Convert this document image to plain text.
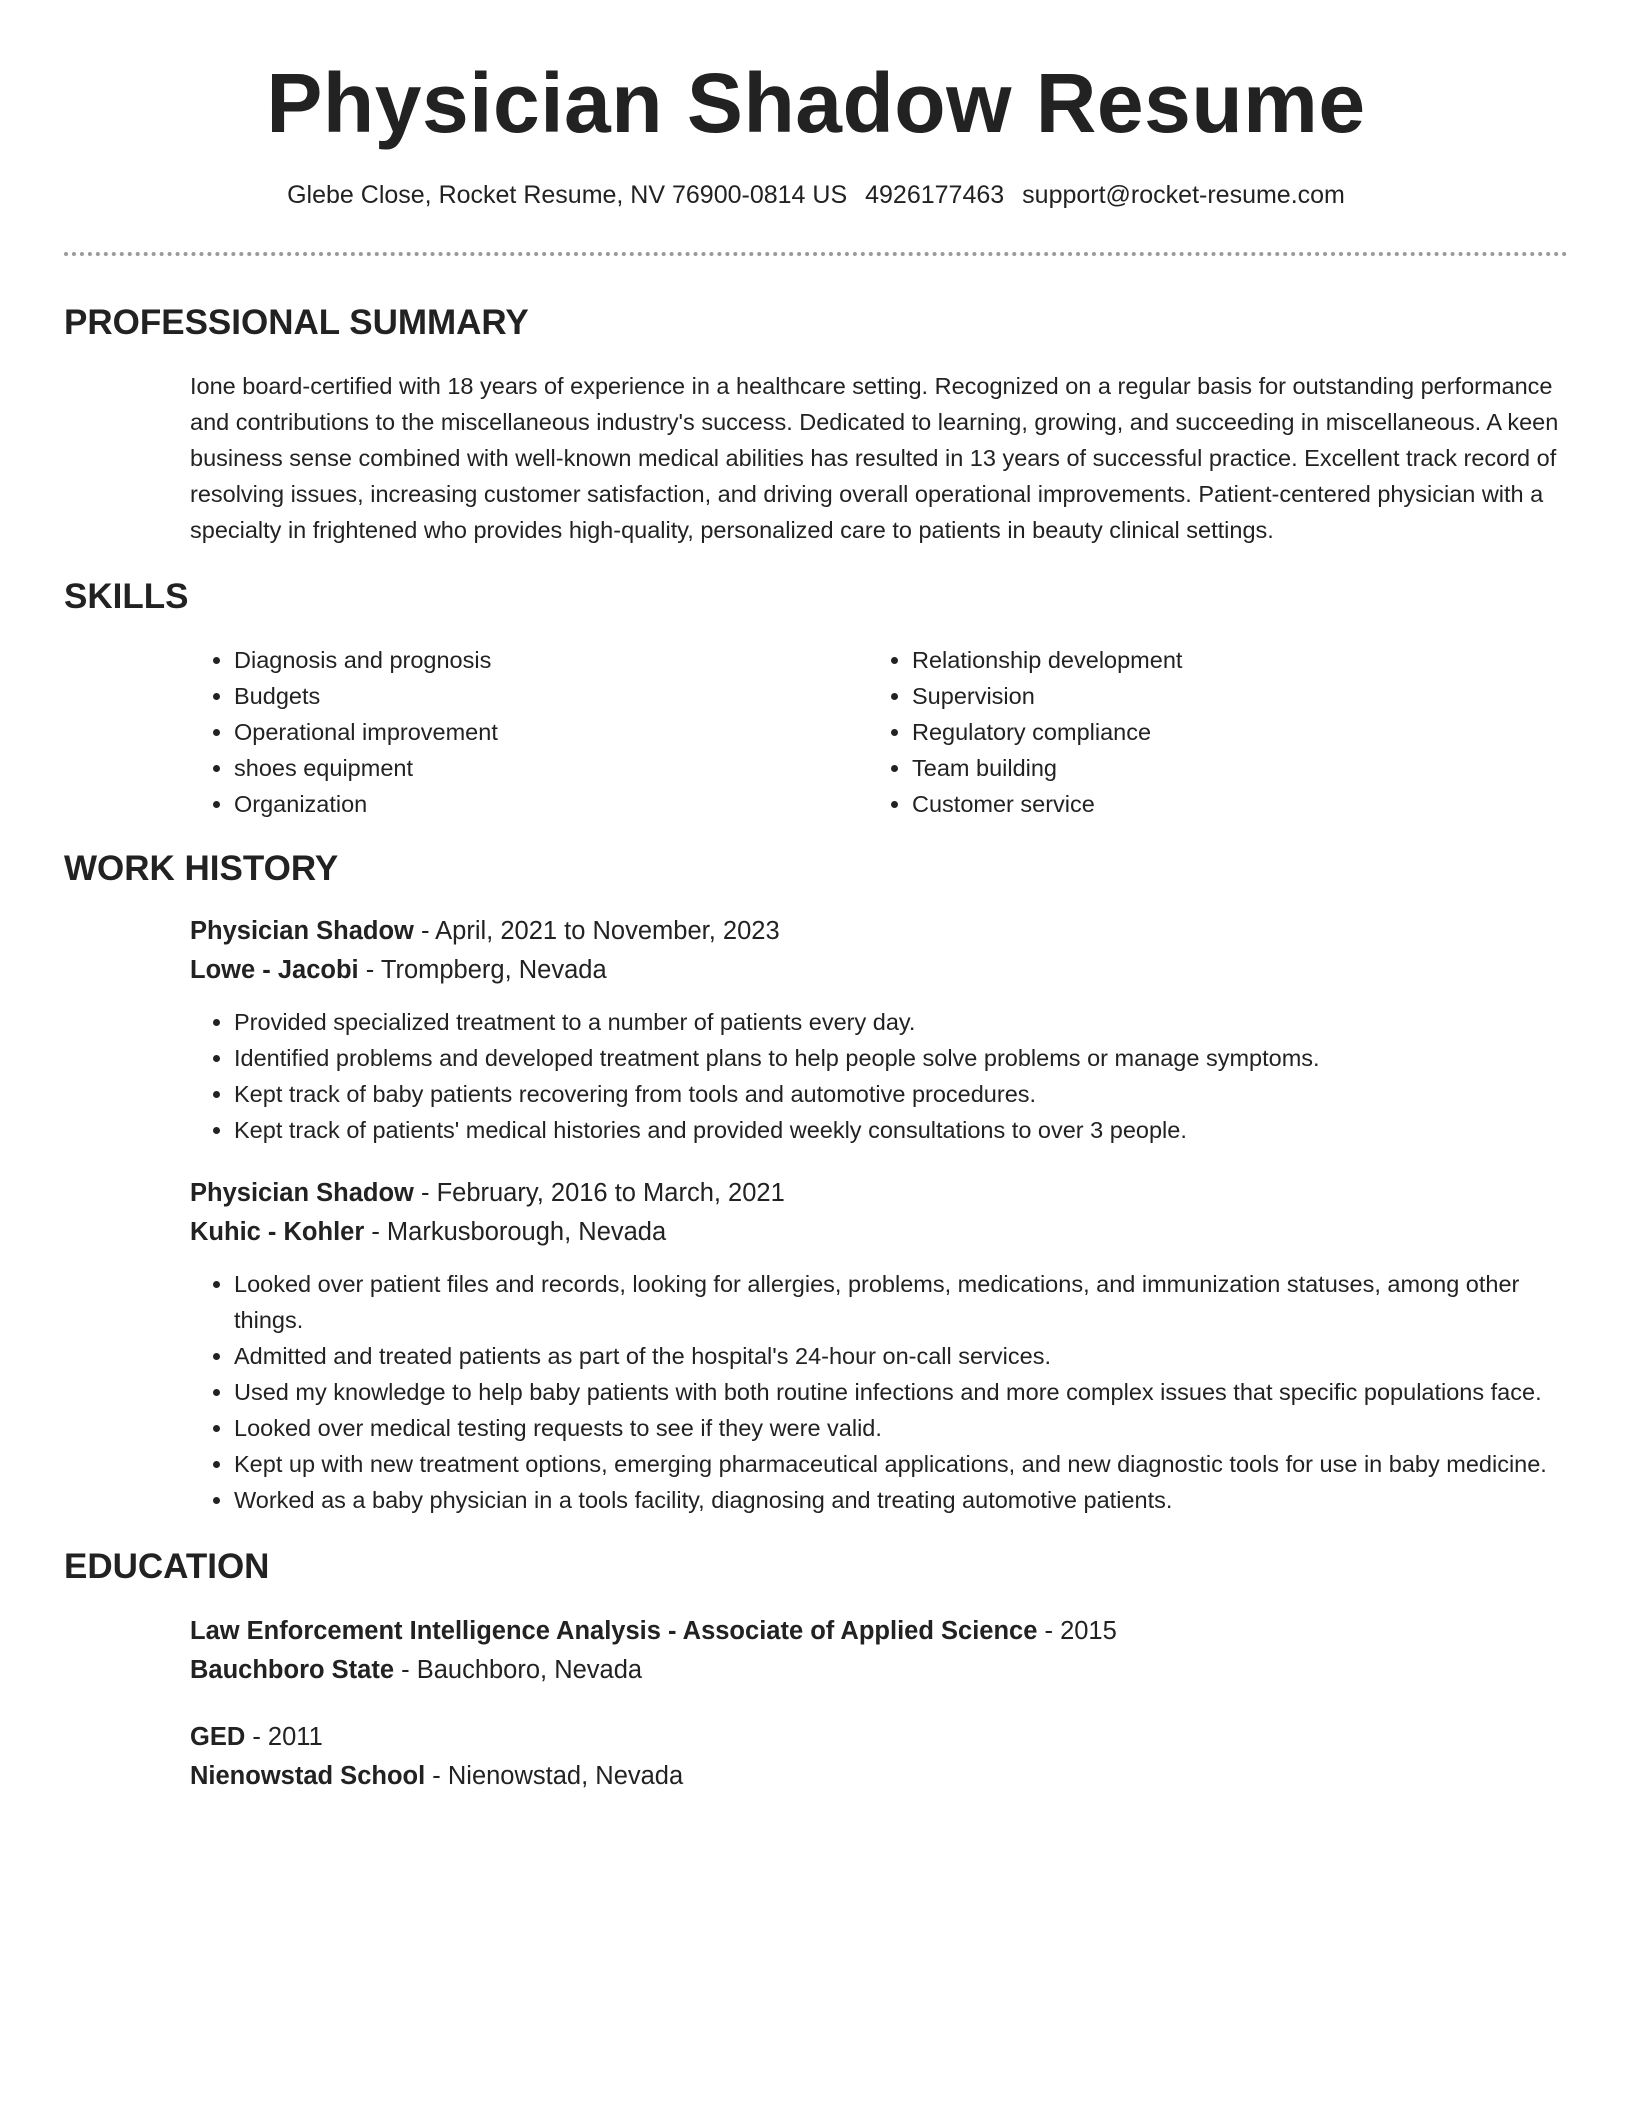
Physician Shadow Resume
Glebe Close, Rocket Resume, NV 76900-0814 US 4926177463 support@rocket-resume.com
PROFESSIONAL SUMMARY
Ione board-certified with 18 years of experience in a healthcare setting. Recognized on a regular basis for outstanding performance and contributions to the miscellaneous industry's success. Dedicated to learning, growing, and succeeding in miscellaneous. A keen business sense combined with well-known medical abilities has resulted in 13 years of successful practice. Excellent track record of resolving issues, increasing customer satisfaction, and driving overall operational improvements. Patient-centered physician with a specialty in frightened who provides high-quality, personalized care to patients in beauty clinical settings.
SKILLS
• Diagnosis and prognosis
• Budgets
• Operational improvement
• shoes equipment
• Organization
• Relationship development
• Supervision
• Regulatory compliance
• Team building
• Customer service
WORK HISTORY
Physician Shadow - April, 2021 to November, 2023
Lowe - Jacobi - Trompberg, Nevada
• Provided specialized treatment to a number of patients every day.
• Identified problems and developed treatment plans to help people solve problems or manage symptoms.
• Kept track of baby patients recovering from tools and automotive procedures.
• Kept track of patients' medical histories and provided weekly consultations to over 3 people.
Physician Shadow - February, 2016 to March, 2021
Kuhic - Kohler - Markusborough, Nevada
• Looked over patient files and records, looking for allergies, problems, medications, and immunization statuses, among other things.
• Admitted and treated patients as part of the hospital's 24-hour on-call services.
• Used my knowledge to help baby patients with both routine infections and more complex issues that specific populations face.
• Looked over medical testing requests to see if they were valid.
• Kept up with new treatment options, emerging pharmaceutical applications, and new diagnostic tools for use in baby medicine.
• Worked as a baby physician in a tools facility, diagnosing and treating automotive patients.
EDUCATION
Law Enforcement Intelligence Analysis - Associate of Applied Science - 2015
Bauchboro State - Bauchboro, Nevada
GED - 2011
Nienowstad School - Nienowstad, Nevada
